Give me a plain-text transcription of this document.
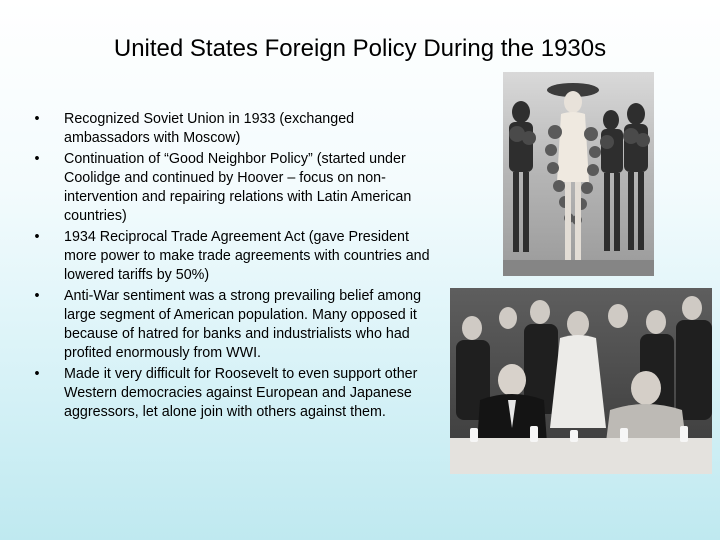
United States Foreign Policy During the 1930s
•	Recognized Soviet Union in 1933 (exchanged ambassadors with Moscow)
•	Continuation of “Good Neighbor Policy” (started under Coolidge and continued by Hoover – focus on non-intervention and repairing relations with Latin American countries)
•	1934 Reciprocal Trade Agreement Act (gave President more power to make trade agreements with countries and lowered tariffs by 50%)
•	Anti-War sentiment was a strong prevailing belief among large segment of American population. Many opposed it because of hatred for banks and industrialists who had profited enormously from WWI.
•	Made it very difficult for Roosevelt to even support other Western democracies against European and Japanese aggressors, let alone join with others against them.
